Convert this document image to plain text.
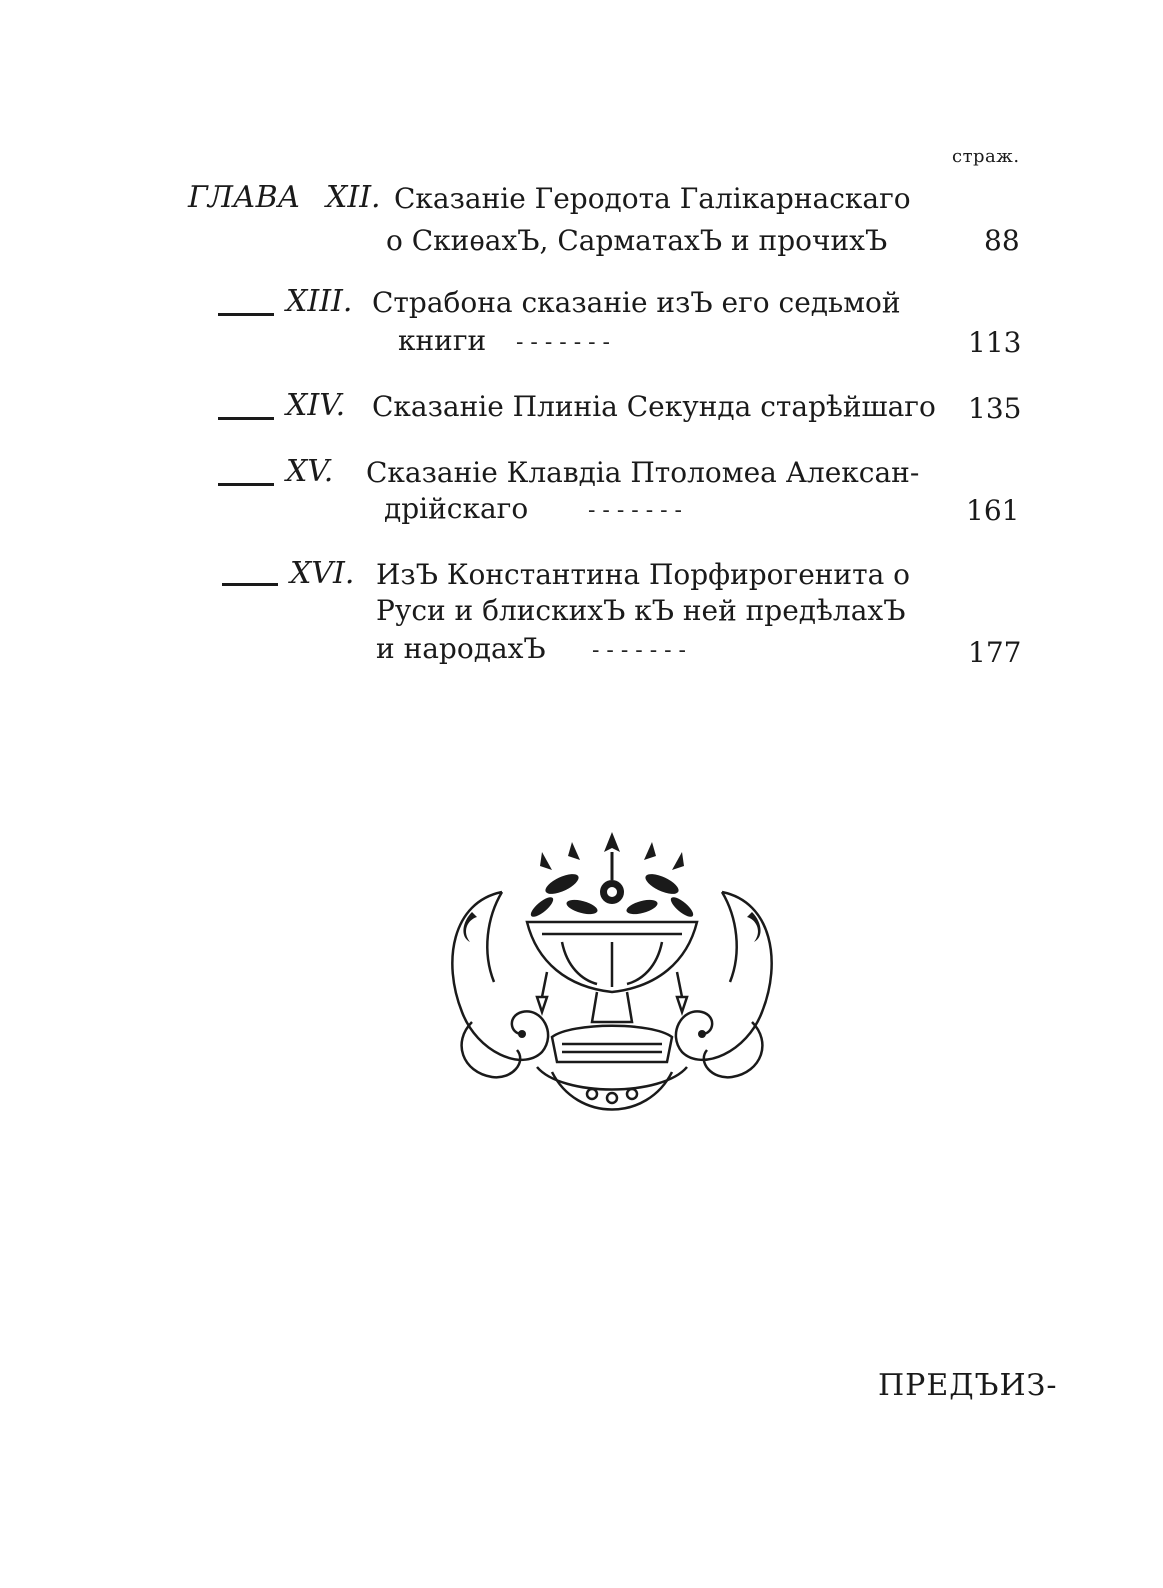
страж.
ГЛАВА XII. Сказаніе Геродота Галікарнаскаго
о СкиѳахЪ, СарматахЪ и прочихЪ	88
XIII. Страбона сказаніе изЪ его седьмой
книги - - - - - - -	113
XIV. Сказаніе Плиніа Секунда старѣйшаго 135
XV. Сказаніе Клавдіа Птоломеа Алексан-
дрійскаго	- - - - - - -	161
XVI. ИзЪ Константина Порфирогенита о
Руси и блискихЪ кЪ ней предѣлахЪ
и народахЪ - - - - - - -	177
ПРЕДЪИЗ-
